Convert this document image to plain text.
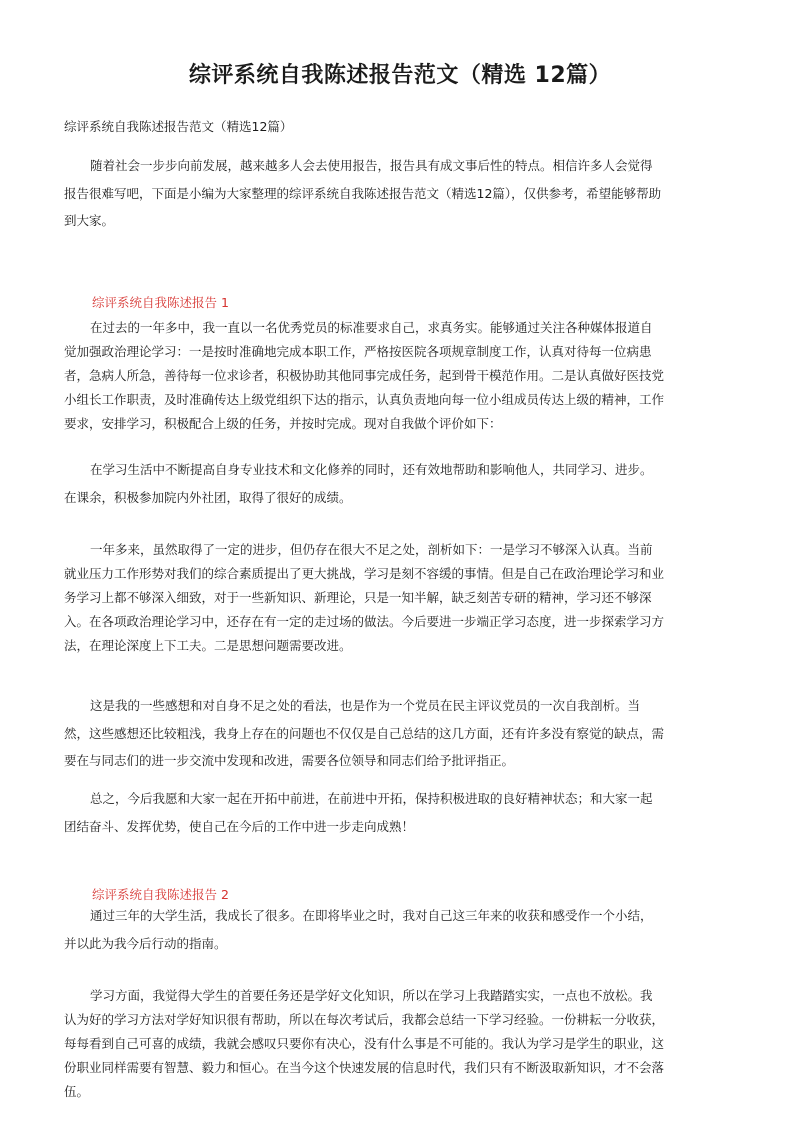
综评系统自我陈述报告范文（精选 12篇）

综评系统自我陈述报告范文（精选12篇）

随着社会一步步向前发展，越来越多人会去使用报告，报告具有成文事后性的特点。相信许多人会觉得报告很难写吧，下面是小编为大家整理的综评系统自我陈述报告范文（精选12篇），仅供参考，希望能够帮助到大家。

综评系统自我陈述报告 1

在过去的一年多中，我一直以一名优秀党员的标准要求自己，求真务实。能够通过关注各种媒体报道自觉加强政治理论学习：一是按时准确地完成本职工作，严格按医院各项规章制度工作，认真对待每一位病患者，急病人所急，善待每一位求诊者，积极协助其他同事完成任务，起到骨干模范作用。二是认真做好医技党小组长工作职责，及时准确传达上级党组织下达的指示，认真负责地向每一位小组成员传达上级的精神，工作要求，安排学习，积极配合上级的任务，并按时完成。现对自我做个评价如下：

在学习生活中不断提高自身专业技术和文化修养的同时，还有效地帮助和影响他人，共同学习、进步。在课余，积极参加院内外社团，取得了很好的成绩。

一年多来，虽然取得了一定的进步，但仍存在很大不足之处，剖析如下：一是学习不够深入认真。当前就业压力工作形势对我们的综合素质提出了更大挑战，学习是刻不容缓的事情。但是自己在政治理论学习和业务学习上都不够深入细致，对于一些新知识、新理论，只是一知半解，缺乏刻苦专研的精神，学习还不够深入。在各项政治理论学习中，还存在有一定的走过场的做法。今后要进一步端正学习态度，进一步探索学习方法，在理论深度上下工夫。二是思想问题需要改进。

这是我的一些感想和对自身不足之处的看法，也是作为一个党员在民主评议党员的一次自我剖析。当然，这些感想还比较粗浅，我身上存在的问题也不仅仅是自己总结的这几方面，还有许多没有察觉的缺点，需要在与同志们的进一步交流中发现和改进，需要各位领导和同志们给予批评指正。

总之，今后我愿和大家一起在开拓中前进，在前进中开拓，保持积极进取的良好精神状态；和大家一起团结奋斗、发挥优势，使自己在今后的工作中进一步走向成熟！

综评系统自我陈述报告 2

通过三年的大学生活，我成长了很多。在即将毕业之时，我对自己这三年来的收获和感受作一个小结，并以此为我今后行动的指南。

学习方面，我觉得大学生的首要任务还是学好文化知识，所以在学习上我踏踏实实，一点也不放松。我认为好的学习方法对学好知识很有帮助，所以在每次考试后，我都会总结一下学习经验。一份耕耘一分收获，每每看到自己可喜的成绩，我就会感叹只要你有决心，没有什么事是不可能的。我认为学习是学生的职业，这份职业同样需要有智慧、毅力和恒心。在当今这个快速发展的信息时代，我们只有不断汲取新知识，才不会落伍。
